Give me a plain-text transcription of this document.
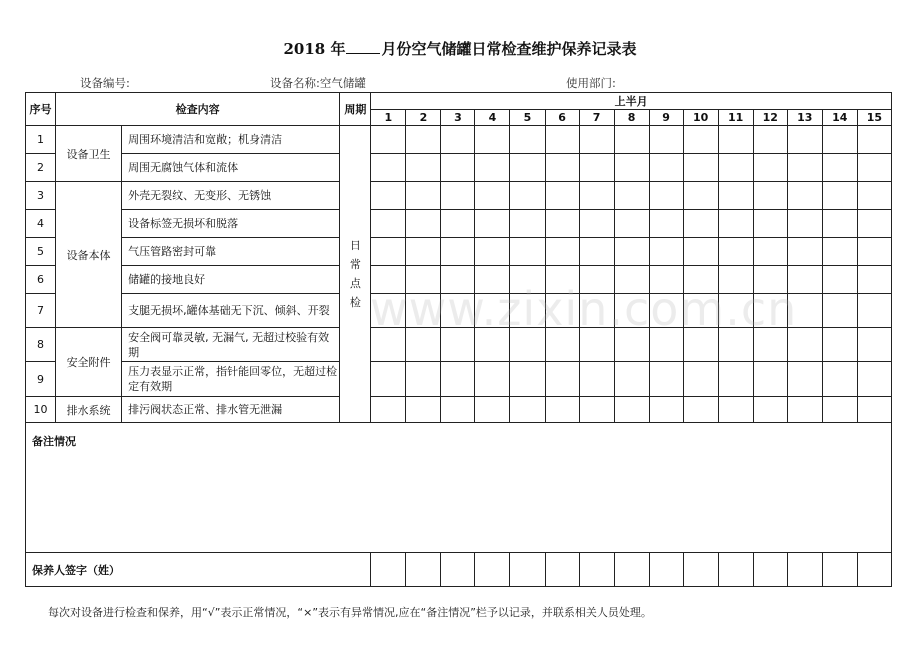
2018 年 月份空气储罐日常检查维护保养记录表
设备编号:	设备名称:空气储罐	使用部门:
序号	检查内容		周期	上半月														
				1	2	3	4	5	6	7	8	9	10	11	12	13	14	15
1	设备卫生	周围环境清洁和宽敞；机身清洁	日常点检															
2		周围无腐蚀气体和流体																
3	设备本体	外壳无裂纹、无变形、无锈蚀																
4		设备标签无损坏和脱落																
5		气压管路密封可靠																
6		储罐的接地良好																
7		支腿无损坏,罐体基础无下沉、倾斜、开裂																
8	安全附件	安全阀可靠灵敏, 无漏气, 无超过校验有效期																
9		压力表显示正常，指针能回零位，无超过检定有效期																
10	排水系统	排污阀状态正常、排水管无泄漏																
备注情况																		
保养人签字（姓）																		
每次对设备进行检查和保养，用“√”表示正常情况，“×”表示有异常情况,应在“备注情况”栏予以记录，并联系相关人员处理。
www.zixin.com.cn
